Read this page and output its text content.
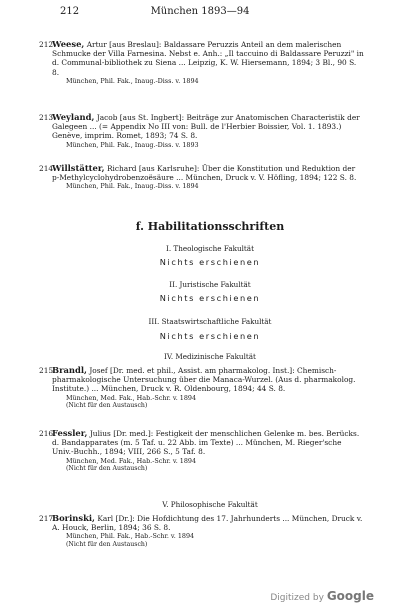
212	München 1893—94
212
Weese, Artur [aus Breslau]: Baldassare Peruzzis Anteil an dem malerischen Schmucke der Villa Farnesina. Nebst e. Anh.: „Il taccuino di Baldassare Peruzzi" in d. Communal-bibliothek zu Siena ... Leipzig, K. W. Hiersemann, 1894; 3 Bl., 90 S. 8.
München, Phil. Fak., Inaug.-Diss. v. 1894
213
Weyland, Jacob [aus St. Ingbert]: Beiträge zur Anatomischen Characteristik der Galegeen ... (= Appendix No III von: Bull. de l'Herbier Boissier, Vol. 1. 1893.) Genève, imprim. Romet, 1893; 74 S. 8.
München, Phil. Fak., Inaug.-Diss. v. 1893
214
Willstätter, Richard [aus Karlsruhe]: Über die Konstitution und Reduktion der p-Methylcyclohydrobenzoësäure ... München, Druck v. V. Höfling, 1894; 122 S. 8.
München, Phil. Fak., Inaug.-Diss. v. 1894
f. Habilitationsschriften
I. Theologische Fakultät
Nichts erschienen
II. Juristische Fakultät
Nichts erschienen
III. Staatswirtschaftliche Fakultät
Nichts erschienen
IV. Medizinische Fakultät
215
Brandl, Josef [Dr. med. et phil., Assist. am pharmakolog. Inst.]: Chemisch-pharmakologische Untersuchung über die Manaca-Wurzel. (Aus d. pharmakolog. Institute.) ... München, Druck v. R. Oldenbourg, 1894; 44 S. 8.
München, Med. Fak., Hab.-Schr. v. 1894
(Nicht für den Austausch)
216
Fessler, Julius [Dr. med.]: Festigkeit der menschlichen Gelenke m. bes. Berücks. d. Bandapparates (m. 5 Taf. u. 22 Abb. im Texte) ... München, M. Rieger'sche Univ.-Buchh., 1894; VIII, 266 S., 5 Taf. 8.
München, Med. Fak., Hab.-Schr. v. 1894
(Nicht für den Austausch)
V. Philosophische Fakultät
217
Borinski, Karl [Dr.]: Die Hofdichtung des 17. Jahrhunderts ... München, Druck v. A. Houck, Berlin, 1894; 36 S. 8.
München, Phil. Fak., Hab.-Schr. v. 1894
(Nicht für den Austausch)
Digitized by Google
